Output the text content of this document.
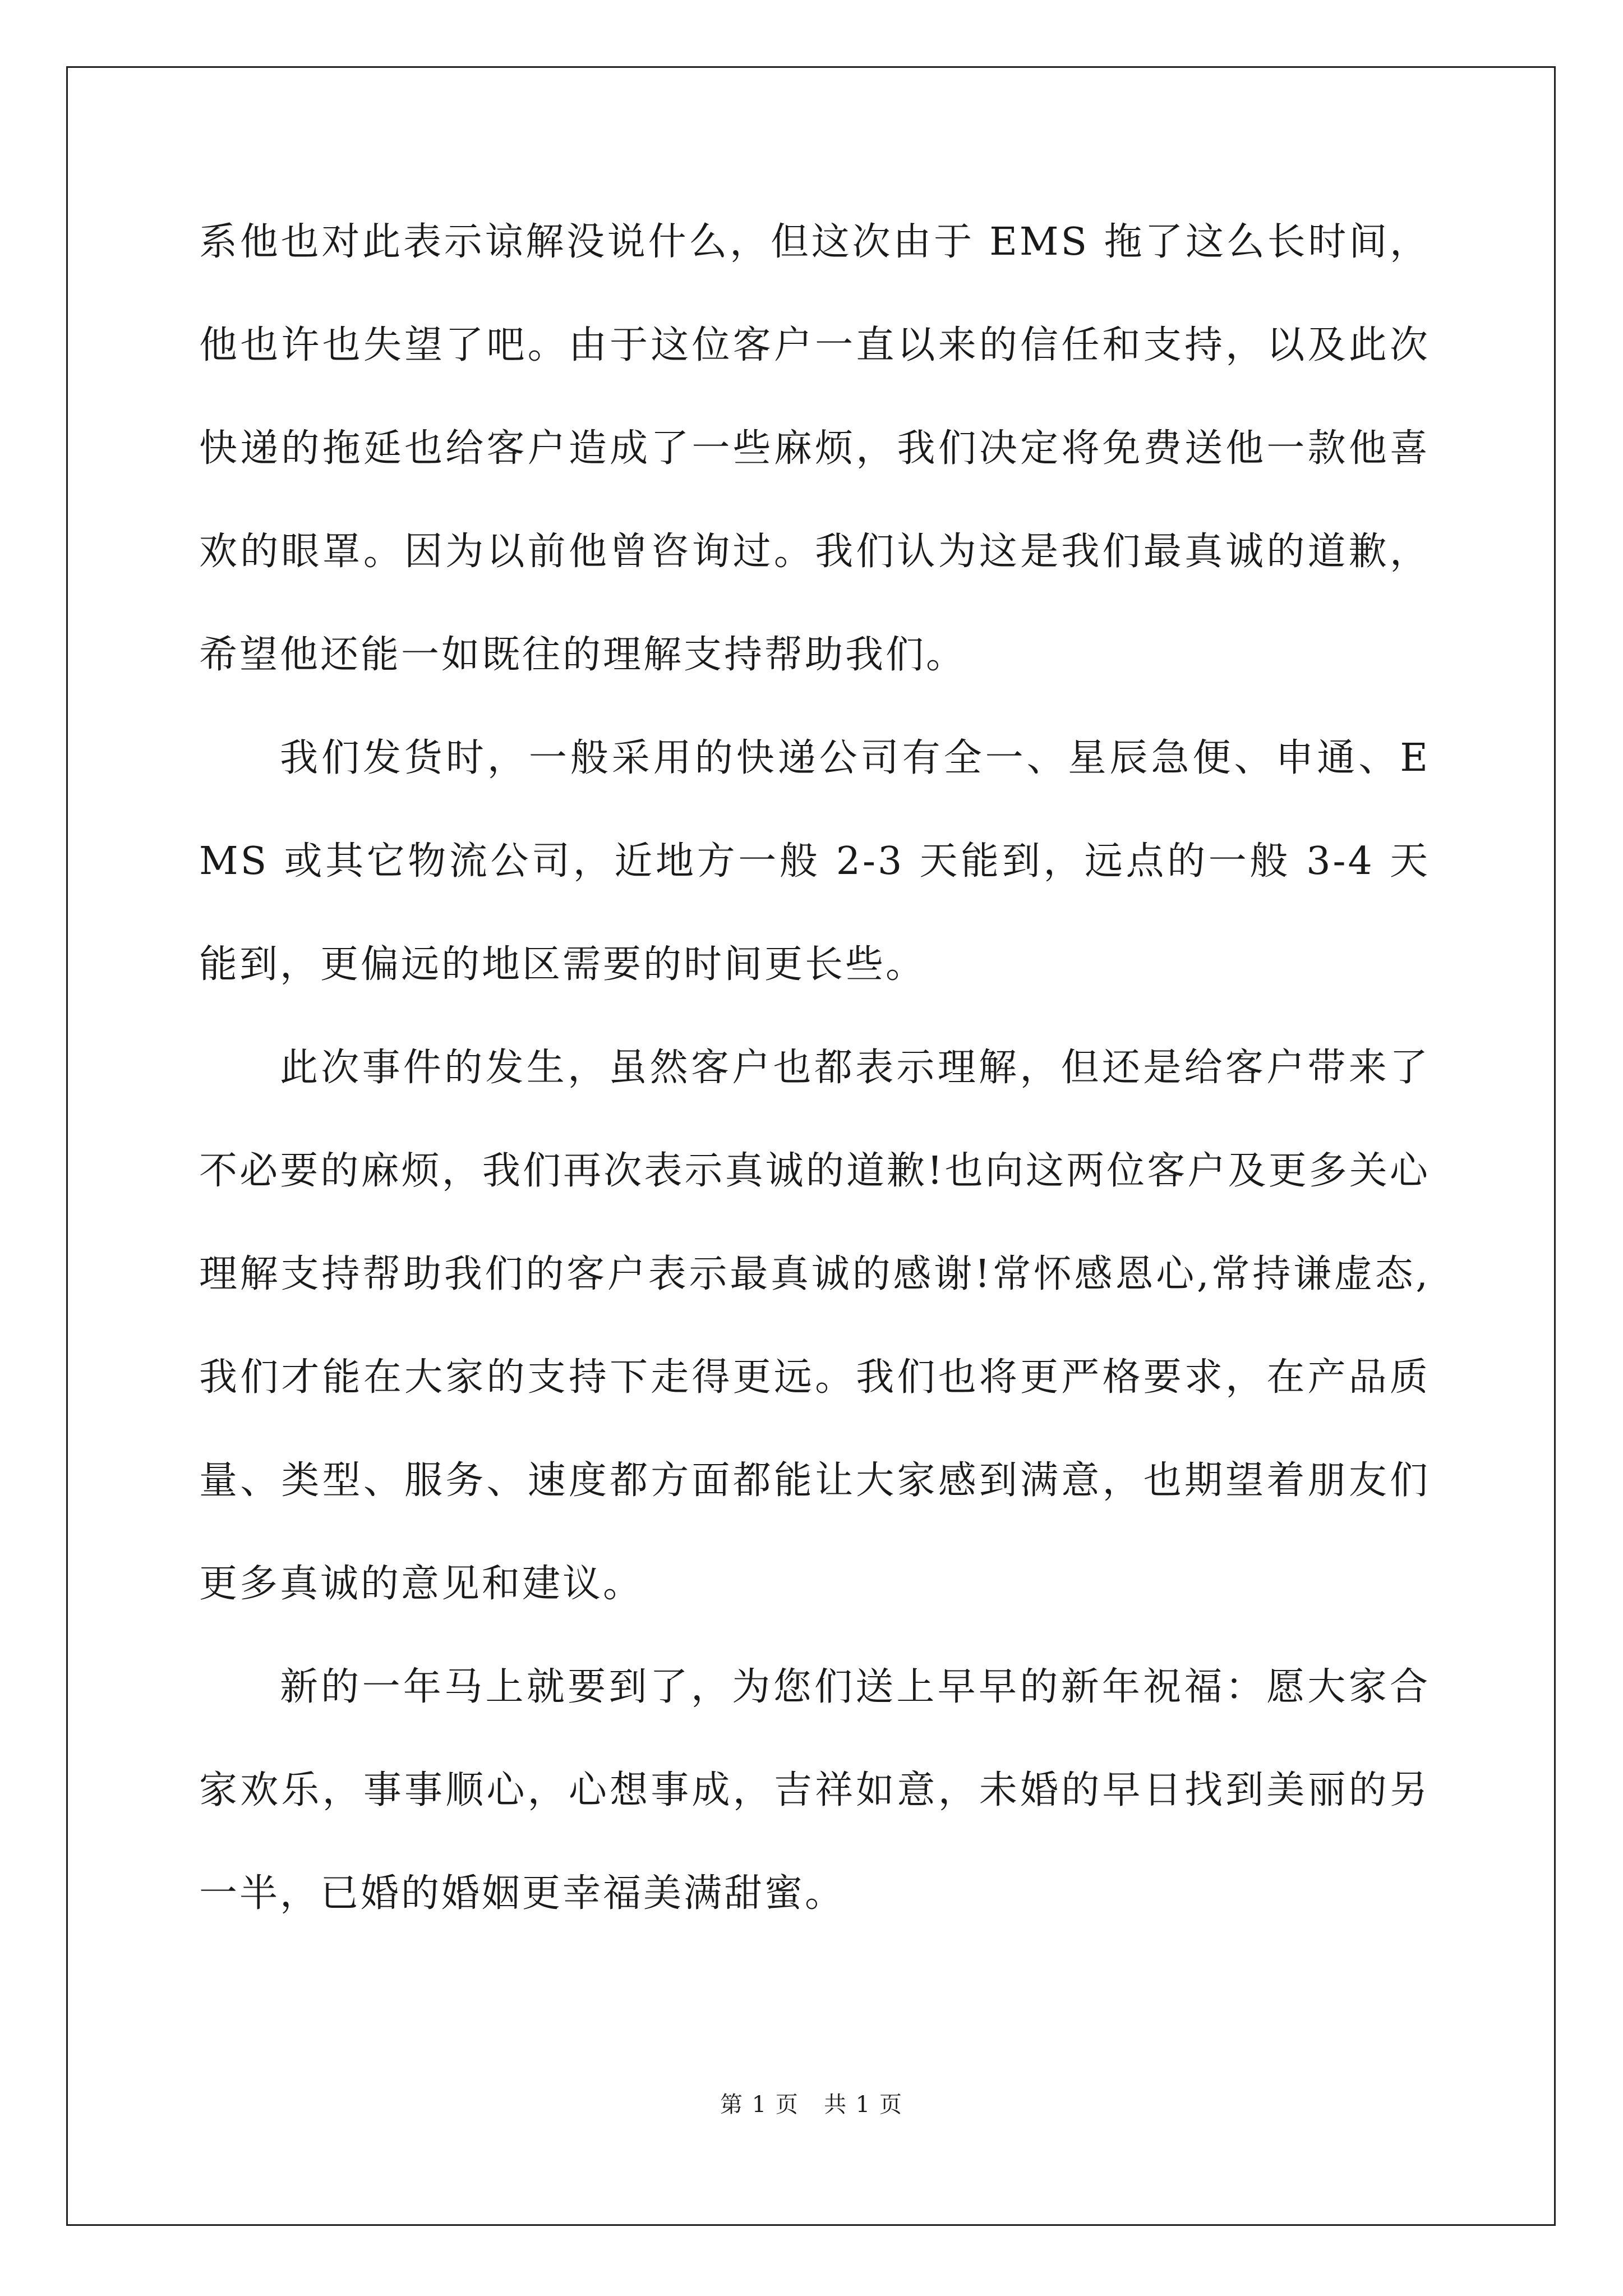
系他也对此表示谅解没说什么，但这次由于 EMS 拖了这么长时间，他也许也失望了吧。由于这位客户一直以来的信任和支持，以及此次快递的拖延也给客户造成了一些麻烦，我们决定将免费送他一款他喜欢的眼罩。因为以前他曾咨询过。我们认为这是我们最真诚的道歉，希望他还能一如既往的理解支持帮助我们。

我们发货时，一般采用的快递公司有全一、星辰急便、申通、EMS 或其它物流公司，近地方一般 2-3 天能到，远点的一般 3-4 天能到，更偏远的地区需要的时间更长些。

此次事件的发生，虽然客户也都表示理解，但还是给客户带来了不必要的麻烦，我们再次表示真诚的道歉!也向这两位客户及更多关心理解支持帮助我们的客户表示最真诚的感谢!常怀感恩心,常持谦虚态,我们才能在大家的支持下走得更远。我们也将更严格要求，在产品质量、类型、服务、速度都方面都能让大家感到满意，也期望着朋友们更多真诚的意见和建议。

新的一年马上就要到了，为您们送上早早的新年祝福：愿大家合家欢乐，事事顺心，心想事成，吉祥如意，未婚的早日找到美丽的另一半，已婚的婚姻更幸福美满甜蜜。

第 1 页 共 1 页
